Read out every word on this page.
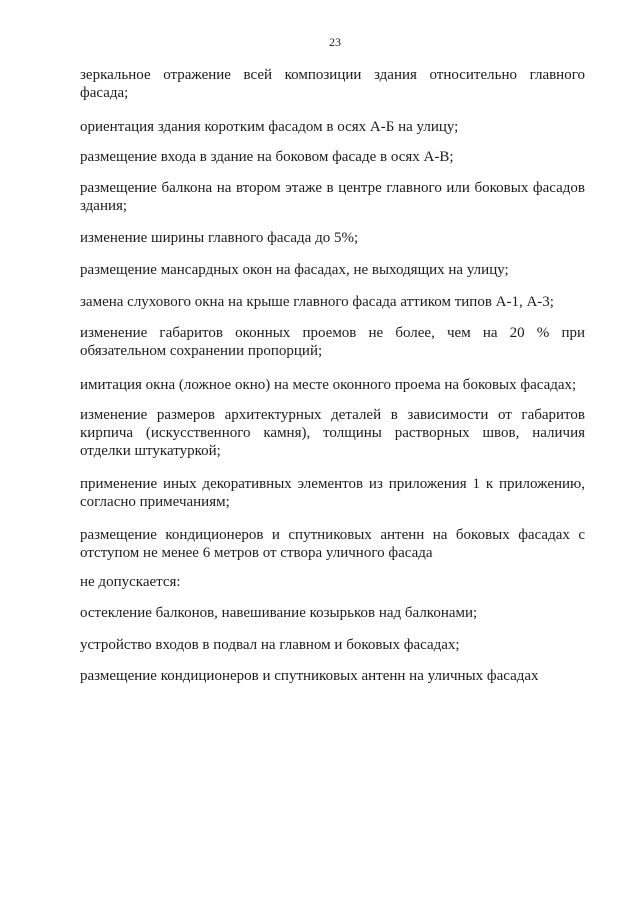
23
зеркальное отражение всей композиции здания относительно главного
фасада;
ориентация здания коротким фасадом в осях А-Б на улицу;
размещение входа в здание на боковом фасаде в осях А-В;
размещение балкона на втором этаже в центре главного или боковых фасадов
здания;
изменение ширины главного фасада до 5%;
размещение мансардных окон на фасадах, не выходящих на улицу;
замена слухового окна на крыше главного фасада аттиком типов А-1, А-3;
изменение габаритов оконных проемов не более, чем на 20 % при
обязательном сохранении пропорций;
имитация окна (ложное окно) на месте оконного проема на боковых фасадах;
изменение размеров архитектурных деталей в зависимости от габаритов
кирпича (искусственного камня), толщины растворных швов, наличия
отделки штукатуркой;
применение иных декоративных элементов из приложения 1 к приложению,
согласно примечаниям;
размещение кондиционеров и спутниковых антенн на боковых фасадах с
отступом не менее 6 метров от створа уличного фасада
не допускается:
остекление балконов, навешивание козырьков над балконами;
устройство входов в подвал на главном и боковых фасадах;
размещение кондиционеров и спутниковых антенн на уличных фасадах
